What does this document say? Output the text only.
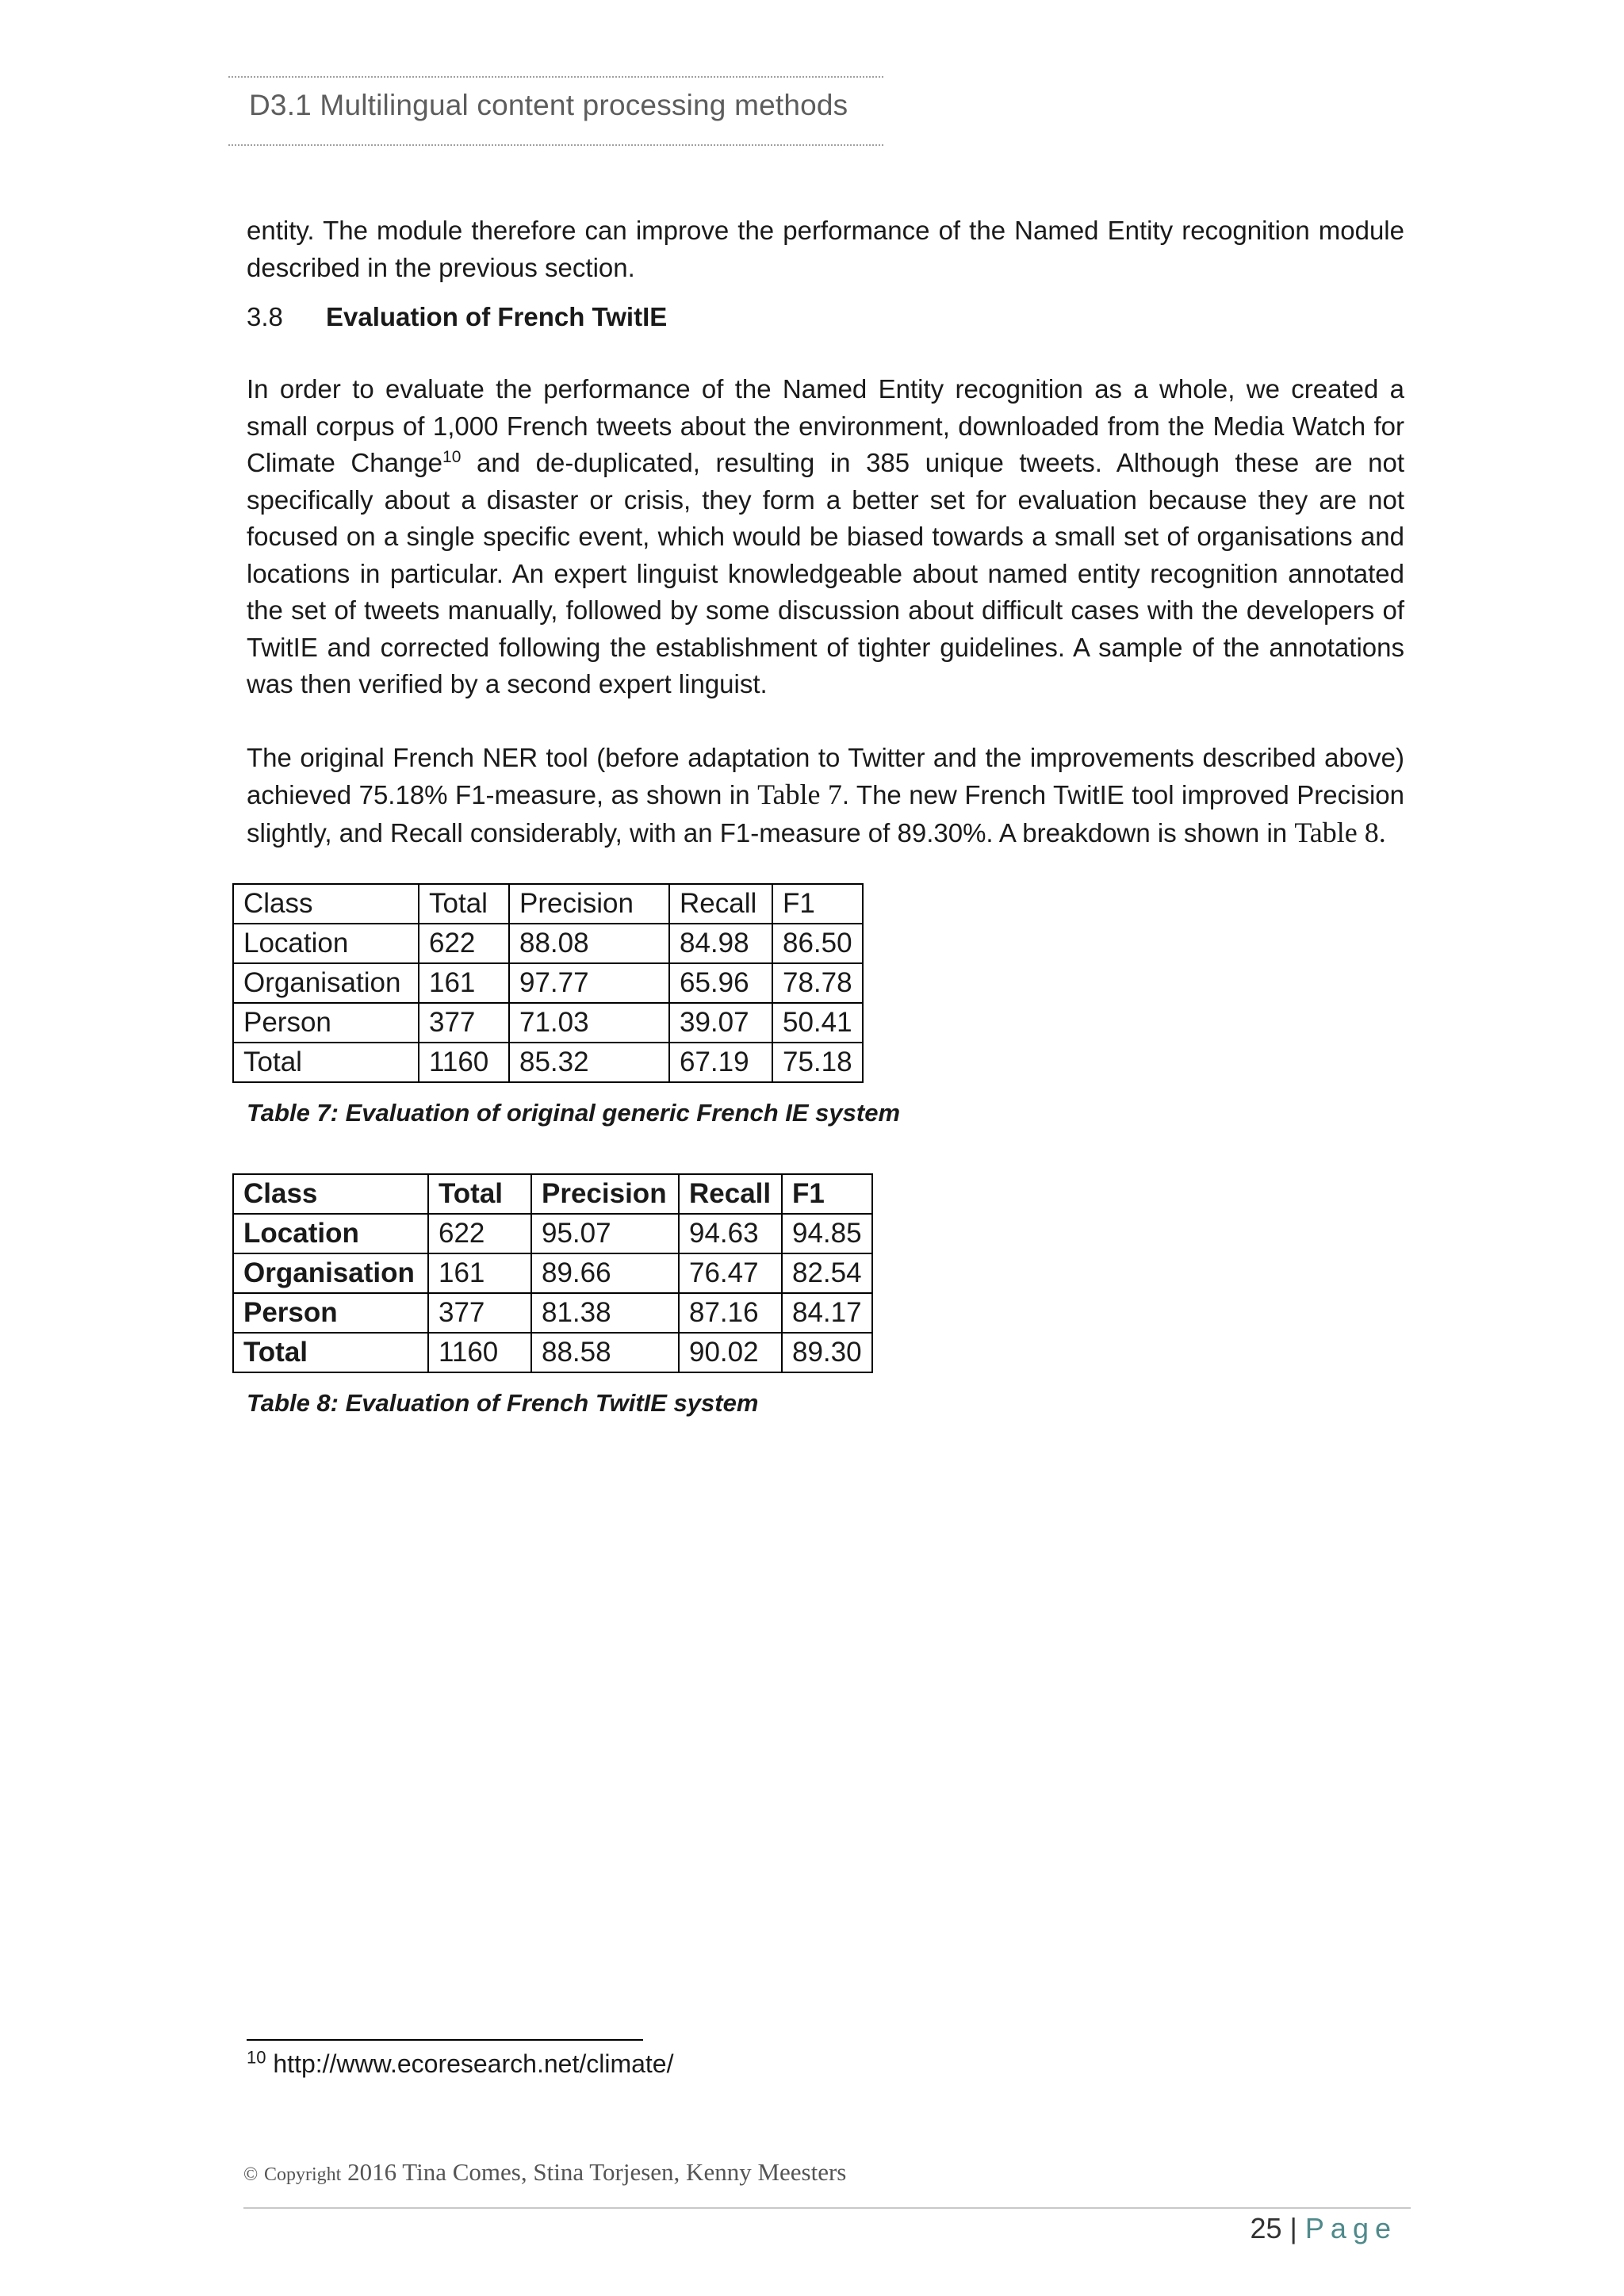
D3.1 Multilingual content processing methods

entity. The module therefore can improve the performance of the Named Entity recognition module described in the previous section.

3.8 Evaluation of French TwitIE

In order to evaluate the performance of the Named Entity recognition as a whole, we created a small corpus of 1,000 French tweets about the environment, downloaded from the Media Watch for Climate Change$^{10}$ and de-duplicated, resulting in 385 unique tweets. Although these are not specifically about a disaster or crisis, they form a better set for evaluation because they are not focused on a single specific event, which would be biased towards a small set of organisations and locations in particular. An expert linguist knowledgeable about named entity recognition annotated the set of tweets manually, followed by some discussion about difficult cases with the developers of TwitIE and corrected following the establishment of tighter guidelines. A sample of the annotations was then verified by a second expert linguist.

The original French NER tool (before adaptation to Twitter and the improvements described above) achieved 75.18% F1-measure, as shown in Table 7. The new French TwitIE tool improved Precision slightly, and Recall considerably, with an F1-measure of 89.30%. A breakdown is shown in Table 8.

Class	Total	Precision	Recall	F1
Location	622	88.08	84.98	86.50
Organisation	161	97.77	65.96	78.78
Person	377	71.03	39.07	50.41
Total	1160	85.32	67.19	75.18

Table 7: Evaluation of original generic French IE system

Class	Total	Precision	Recall	F1
Location	622	95.07	94.63	94.85
Organisation	161	89.66	76.47	82.54
Person	377	81.38	87.16	84.17
Total	1160	88.58	90.02	89.30

Table 8: Evaluation of French TwitIE system

$^{10}$ http://www.ecoresearch.net/climate/
© Copyright 2016 Tina Comes, Stina Torjesen, Kenny Meesters
25 | Page
